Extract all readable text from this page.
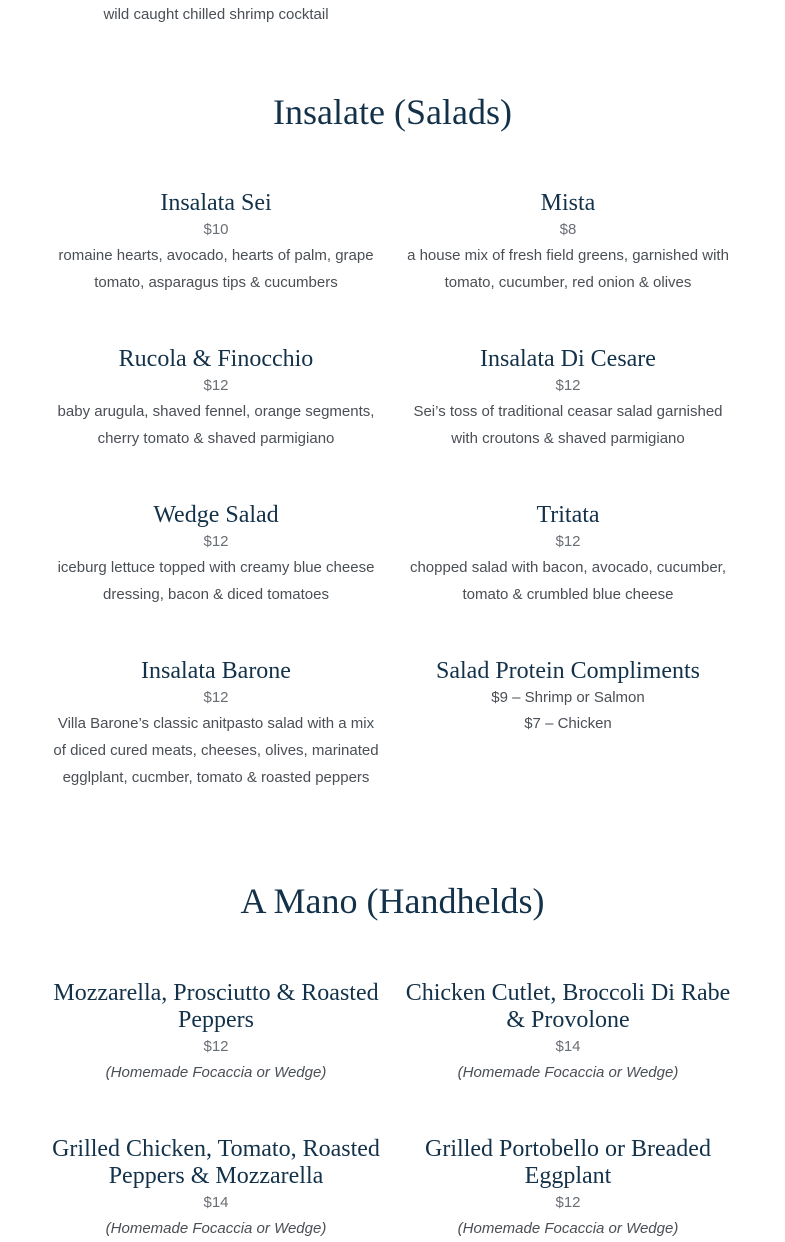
wild caught chilled shrimp cocktail
Insalate (Salads)
Insalata Sei
$10
romaine hearts, avocado, hearts of palm, grape tomato, asparagus tips & cucumbers
Mista
$8
a house mix of fresh field greens, garnished with tomato, cucumber, red onion & olives
Rucola & Finocchio
$12
baby arugula, shaved fennel, orange segments, cherry tomato & shaved parmigiano
Insalata Di Cesare
$12
Sei’s toss of traditional ceasar salad garnished with croutons & shaved parmigiano
Wedge Salad
$12
iceburg lettuce topped with creamy blue cheese dressing, bacon & diced tomatoes
Tritata
$12
chopped salad with bacon, avocado, cucumber, tomato & crumbled blue cheese
Insalata Barone
$12
Villa Barone’s classic anitpasto salad with a mix of diced cured meats, cheeses, olives, marinated egglplant, cucmber, tomato & roasted peppers
Salad Protein Compliments
$9 – Shrimp or Salmon
$7 – Chicken
A Mano (Handhelds)
Mozzarella, Prosciutto & Roasted Peppers
$12
(Homemade Focaccia or Wedge)
Chicken Cutlet, Broccoli Di Rabe & Provolone
$14
(Homemade Focaccia or Wedge)
Grilled Chicken, Tomato, Roasted Peppers & Mozzarella
$14
(Homemade Focaccia or Wedge)
Grilled Portobello or Breaded Eggplant
$12
(Homemade Focaccia or Wedge)
